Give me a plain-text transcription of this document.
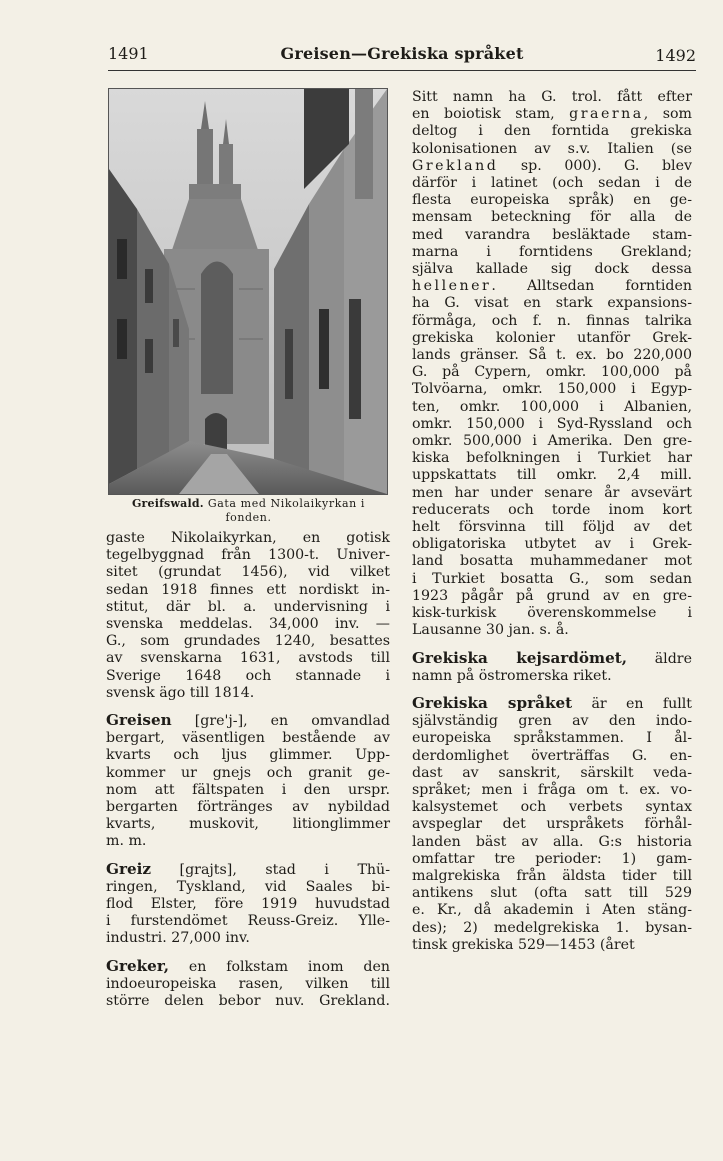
1491	Greisen—Grekiska språket	1492
Greifswald. Gata med Nikolaikyrkan i
fonden.

gaste Nikolaikyrkan, en gotisk

tegelbyggnad från 1300-t. Univer-

sitet (grundat 1456), vid vilket

sedan 1918 finnes ett nordiskt in-

stitut, där bl. a. undervisning i

svenska meddelas. 34,000 inv. —

G., som grundades 1240, besattes

av svenskarna 1631, avstods till

Sverige 1648 och stannade i

svensk ägo till 1814.

Greisen [gre'j-], en omvandlad

bergart, väsentligen bestående av

kvarts och ljus glimmer. Upp-

kommer ur gnejs och granit ge-

nom att fältspaten i den urspr.

bergarten förtränges av nybildad

kvarts, muskovit, litionglimmer

m. m.

Greiz [grajts], stad i Thü-

ringen, Tyskland, vid Saales bi-

flod Elster, före 1919 huvudstad

i furstendömet Reuss-Greiz. Ylle-

industri. 27,000 inv.

Greker, en folkstam inom den

indoeuropeiska rasen, vilken till

större delen bebor nuv. Grekland.

Sitt namn ha G. trol. fått efter

en boiotisk stam, graerna, som

deltog i den forntida grekiska

kolonisationen av s.v. Italien (se

Grekland sp. 000). G. blev

därför i latinet (och sedan i de

flesta europeiska språk) en ge-

mensam beteckning för alla de

med varandra besläktade stam-

marna i forntidens Grekland;

själva kallade sig dock dessa

hellener. Alltsedan forntiden

ha G. visat en stark expansions-

förmåga, och f. n. finnas talrika

grekiska kolonier utanför Grek-

lands gränser. Så t. ex. bo 220,000

G. på Cypern, omkr. 100,000 på

Tolvöarna, omkr. 150,000 i Egyp-

ten, omkr. 100,000 i Albanien,

omkr. 150,000 i Syd-Ryssland och

omkr. 500,000 i Amerika. Den gre-

kiska befolkningen i Turkiet har

uppskattats till omkr. 2,4 mill.

men har under senare år avsevärt

reducerats och torde inom kort

helt försvinna till följd av det

obligatoriska utbytet av i Grek-

land bosatta muhammedaner mot

i Turkiet bosatta G., som sedan

1923 pågår på grund av en gre-

kisk-turkisk överenskommelse i

Lausanne 30 jan. s. å.

Grekiska kejsardömet, äldre

namn på östromerska riket.

Grekiska språket är en fullt

självständig gren av den indo-

europeiska språkstammen. I ål-

derdomlighet överträffas G. en-

dast av sanskrit, särskilt veda-

språket; men i fråga om t. ex. vo-

kalsystemet och verbets syntax

avspeglar det urspråkets förhål-

landen bäst av alla. G:s historia

omfattar tre perioder: 1) gam-

malgrekiska från äldsta tider till

antikens slut (ofta satt till 529

e. Kr., då akademin i Aten stäng-

des); 2) medelgrekiska 1. bysan-

tinsk grekiska 529—1453 (året
